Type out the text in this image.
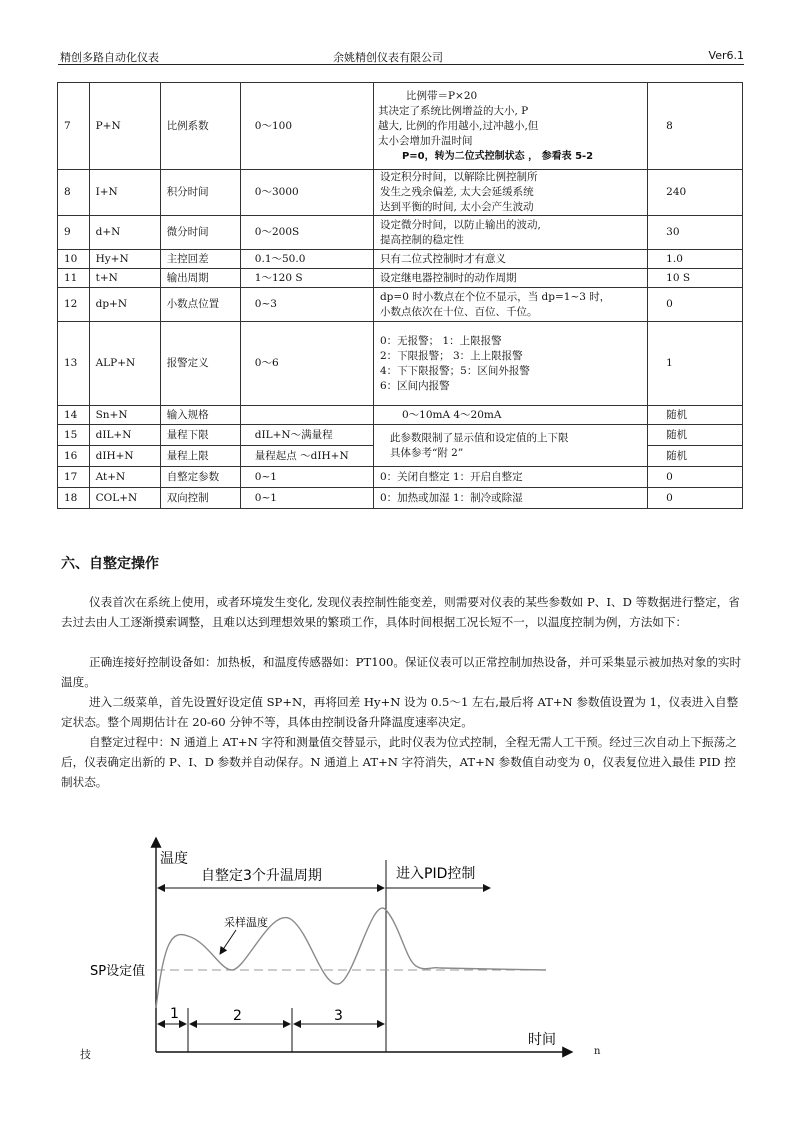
精创多路自动化仪表	余姚精创仪表有限公司	Ver6.1
7	P+N	比例系数	0～100	比例带＝P×20
其决定了系统比例增益的大小, P
越大, 比例的作用越小,过冲越小,但
太小会增加升温时间
P=0，转为二位式控制状态 ， 参看表 5-2	8
8	I+N	积分时间	0～3000	设定积分时间，以解除比例控制所
发生之残余偏差, 太大会延缓系统
达到平衡的时间, 太小会产生波动	240
9	d+N	微分时间	0～200S	设定微分时间，以防止输出的波动,
提高控制的稳定性	30
10	Hy+N	主控回差	0.1～50.0	只有二位式控制时才有意义	1.0
11	t+N	输出周期	1～120 S	设定继电器控制时的动作周期	10 S
12	dp+N	小数点位置	0~3	dp=0 时小数点在个位不显示，当 dp=1~3 时，
小数点依次在十位、百位、千位。	0
13	ALP+N	报警定义	0～6	0：无报警； 1：上限报警
2：下限报警； 3：上上限报警
4：下下限报警；5：区间外报警
6：区间内报警	1
14	Sn+N	输入规格		0～10mA 4～20mA	随机
15	dIL+N	量程下限	dIL+N～满量程	此参数限制了显示值和设定值的上下限
具体参考“附 2”	随机
16	dIH+N	量程上限	量程起点 ～dIH+N		随机
17	At+N	自整定参数	0~1	0：关闭自整定 1：开启自整定	0
18	COL+N	双向控制	0~1	0：加热或加湿 1：制冷或除湿	0
六、自整定操作

仪表首次在系统上使用，或者环境发生变化, 发现仪表控制性能变差，则需要对仪表的某些参数如 P、I、D 等数据进行整定，省去过去由人工逐渐摸索调整，且难以达到理想效果的繁琐工作，具体时间根据工况长短不一，以温度控制为例，方法如下：

正确连接好控制设备如：加热板，和温度传感器如：PT100。保证仪表可以正常控制加热设备，并可采集显示被加热对象的实时温度。

进入二级菜单，首先设置好设定值 SP+N，再将回差 Hy+N 设为 0.5～1 左右,最后将 AT+N 参数值设置为 1，仪表进入自整定状态。整个周期估计在 20-60 分钟不等，具体由控制设备升降温度速率决定。

自整定过程中：N 通道上 AT+N 字符和测量值交替显示，此时仪表为位式控制，全程无需人工干预。经过三次自动上下振荡之后，仪表确定出新的 P、I、D 参数并自动保存。N 通道上 AT+N 字符消失，AT+N 参数值自动变为 0，仪表复位进入最佳 PID 控制状态。

温度
时间
自整定3个升温周期	进入PID控制
SP设定值
采样温度
1	2	3
技	n
